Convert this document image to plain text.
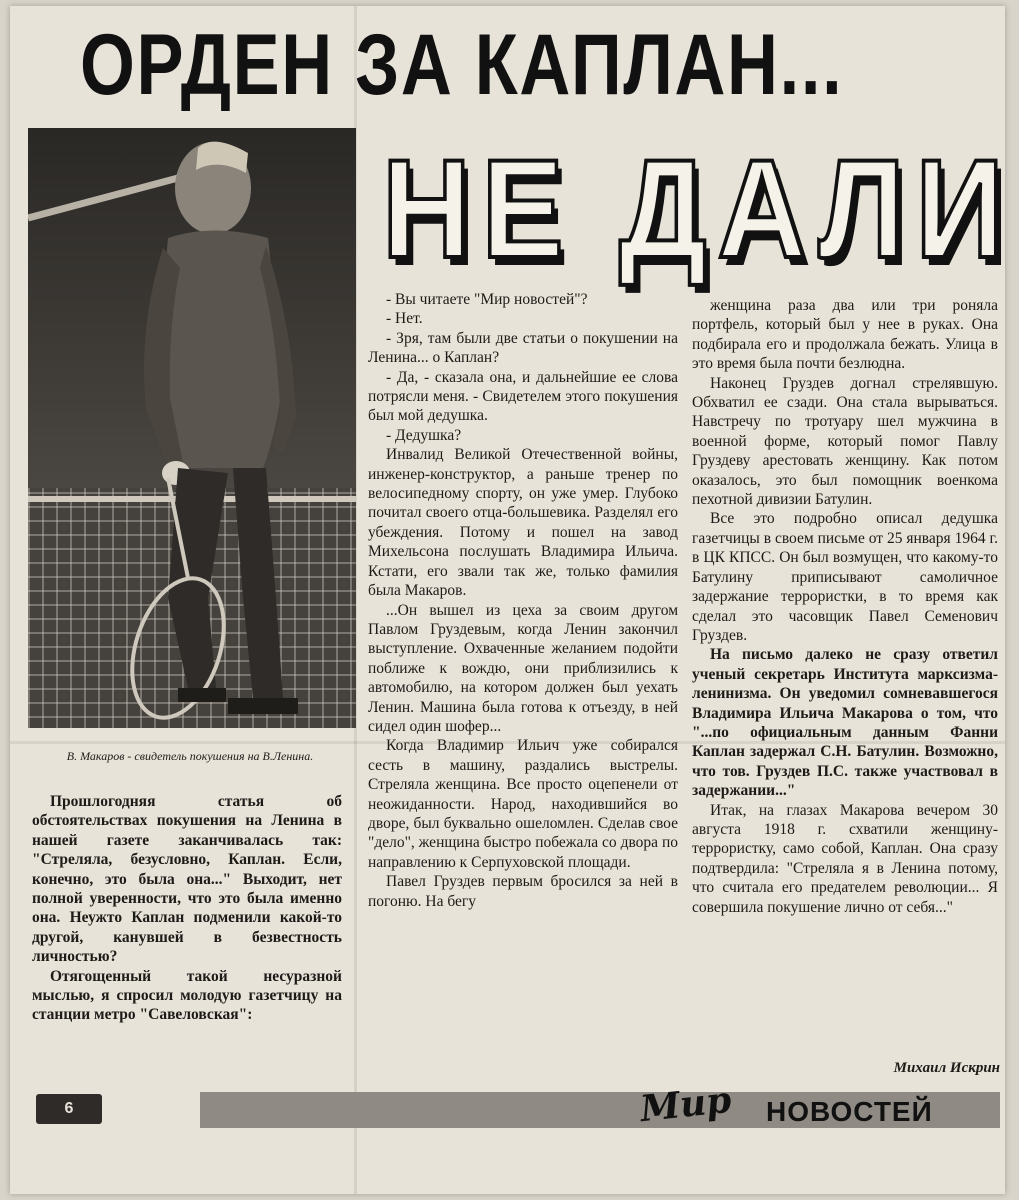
ОРДЕН ЗА КАПЛАН...
НЕ ДАЛИ
В. Макаров - свидетель покушения на В.Ленина.

Прошлогодняя статья об обстоятельствах покушения на Ленина в нашей газете заканчивалась так: "Стреляла, безусловно, Каплан. Если, конечно, это была она..." Выходит, нет полной уверенности, что это была именно она. Неужто Каплан подменили какой-то другой, канувшей в безвестность личностью?

Отягощенный такой несуразной мыслью, я спросил молодую газетчицу на станции метро "Савеловская":

- Вы читаете "Мир новостей"?

- Нет.

- Зря, там были две статьи о покушении на Ленина... о Каплан?

- Да, - сказала она, и дальнейшие ее слова потрясли меня. - Свидетелем этого покушения был мой дедушка.

- Дедушка?

Инвалид Великой Отечественной войны, инженер-конструктор, а раньше тренер по велосипедному спорту, он уже умер. Глубоко почитал своего отца-большевика. Разделял его убеждения. Потому и пошел на завод Михельсона послушать Владимира Ильича. Кстати, его звали так же, только фамилия была Макаров.

...Он вышел из цеха за своим другом Павлом Груздевым, когда Ленин закончил выступление. Охваченные желанием подойти поближе к вождю, они приблизились к автомобилю, на котором должен был уехать Ленин. Машина была готова к отъезду, в ней сидел один шофер...

Когда Владимир Ильич уже собирался сесть в машину, раздались выстрелы. Стреляла женщина. Все просто оцепенели от неожиданности. Народ, находившийся во дворе, был буквально ошеломлен. Сделав свое "дело", женщина быстро побежала со двора по направлению к Серпуховской площади.

Павел Груздев первым бросился за ней в погоню. На бегу

женщина раза два или три роняла портфель, который был у нее в руках. Она подбирала его и продолжала бежать. Улица в это время была почти безлюдна.

Наконец Груздев догнал стрелявшую. Обхватил ее сзади. Она стала вырываться. Навстречу по тротуару шел мужчина в военной форме, который помог Павлу Груздеву арестовать женщину. Как потом оказалось, это был помощник военкома пехотной дивизии Батулин.

Все это подробно описал дедушка газетчицы в своем письме от 25 января 1964 г. в ЦК КПСС. Он был возмущен, что какому-то Батулину приписывают самоличное задержание террористки, в то время как сделал это часовщик Павел Семенович Груздев.

На письмо далеко не сразу ответил ученый секретарь Института марксизма-ленинизма. Он уведомил сомневавшегося Владимира Ильича Макарова о том, что "...по официальным данным Фанни Каплан задержал С.Н. Батулин. Возможно, что тов. Груздев П.С. также участвовал в задержании..."

Итак, на глазах Макарова вечером 30 августа 1918 г. схватили женщину-террористку, само собой, Каплан. Она сразу подтвердила: "Стреляла я в Ленина потому, что считала его предателем революции... Я совершила покушение лично от себя..."

Михаил Искрин
6	Мир	НОВОСТЕЙ
